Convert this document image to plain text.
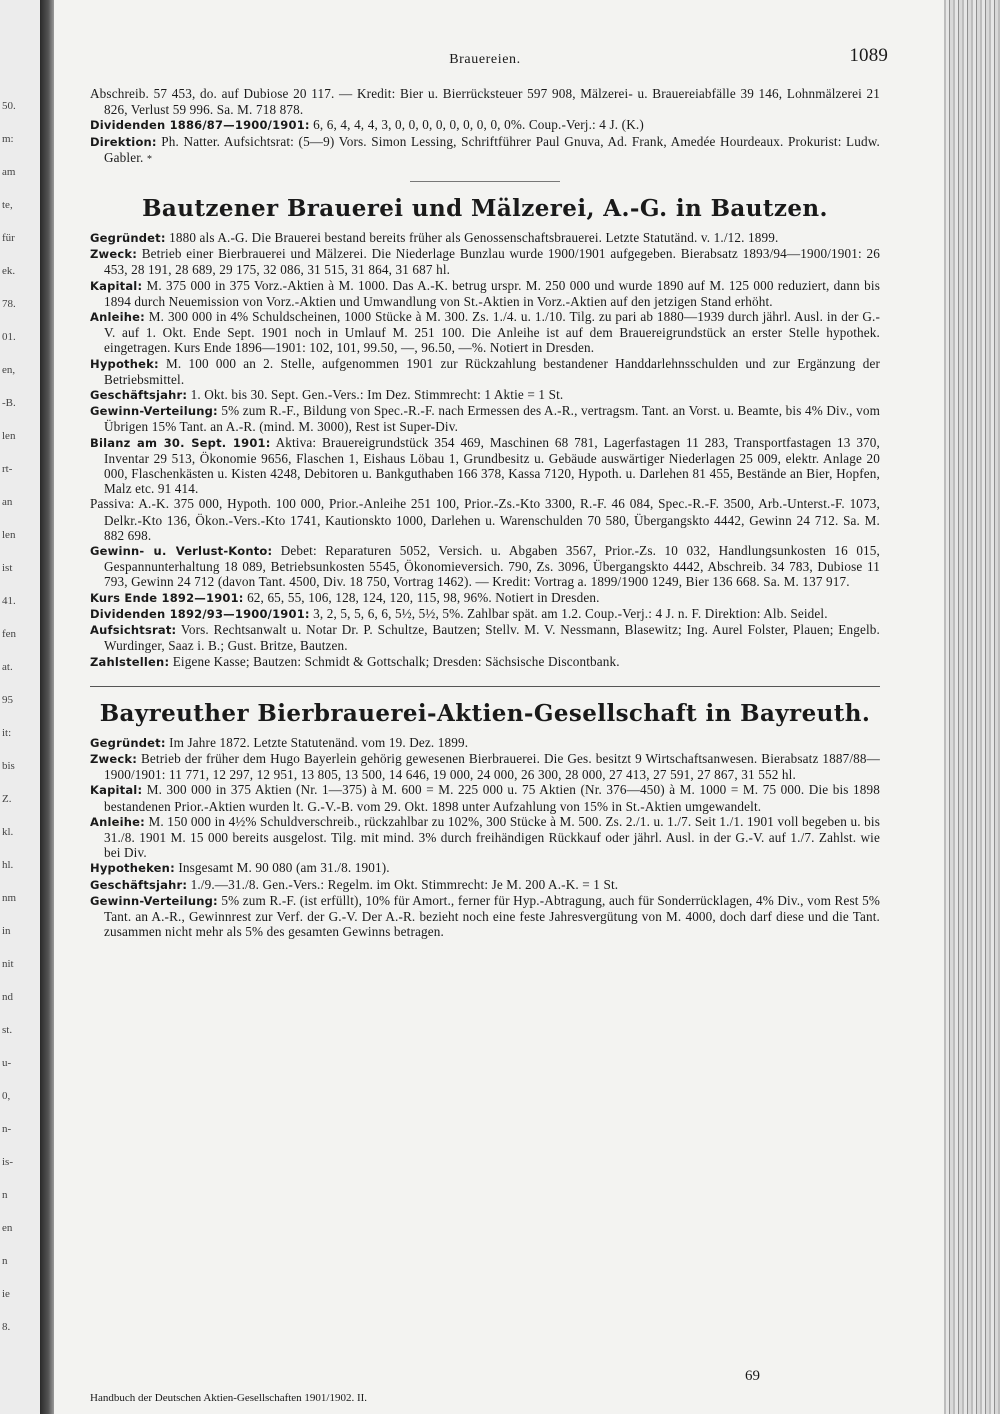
50.
m:
am
te,
für
ek.
78.
01.
en,
-B.
len
rt-
an
len
ist
41.
fen
at.
95
it:
bis
Z.
kl.
hl.
nm
in
nit
nd
st.
u-
0,
n-
is-
n
en
n
ie
8.
Brauereien.	1089

Abschreib. 57 453, do. auf Dubiose 20 117. — Kredit: Bier u. Bierrücksteuer 597 908, Mälzerei- u. Brauereiabfälle 39 146, Lohnmälzerei 21 826, Verlust 59 996. Sa. M. 718 878.

Dividenden 1886/87—1900/1901: 6, 6, 4, 4, 4, 3, 0, 0, 0, 0, 0, 0, 0, 0, 0%. Coup.-Verj.: 4 J. (K.)

Direktion: Ph. Natter. Aufsichtsrat: (5—9) Vors. Simon Lessing, Schriftführer Paul Gnuva, Ad. Frank, Amedée Hourdeaux. Prokurist: Ludw. Gabler. *

Bautzener Brauerei und Mälzerei, A.-G. in Bautzen.

Gegründet: 1880 als A.-G. Die Brauerei bestand bereits früher als Genossenschaftsbrauerei. Letzte Statutänd. v. 1./12. 1899.

Zweck: Betrieb einer Bierbrauerei und Mälzerei. Die Niederlage Bunzlau wurde 1900/1901 aufgegeben. Bierabsatz 1893/94—1900/1901: 26 453, 28 191, 28 689, 29 175, 32 086, 31 515, 31 864, 31 687 hl.

Kapital: M. 375 000 in 375 Vorz.-Aktien à M. 1000. Das A.-K. betrug urspr. M. 250 000 und wurde 1890 auf M. 125 000 reduziert, dann bis 1894 durch Neuemission von Vorz.-Aktien und Umwandlung von St.-Aktien in Vorz.-Aktien auf den jetzigen Stand erhöht.

Anleihe: M. 300 000 in 4% Schuldscheinen, 1000 Stücke à M. 300. Zs. 1./4. u. 1./10. Tilg. zu pari ab 1880—1939 durch jährl. Ausl. in der G.-V. auf 1. Okt. Ende Sept. 1901 noch in Umlauf M. 251 100. Die Anleihe ist auf dem Brauereigrundstück an erster Stelle hypothek. eingetragen. Kurs Ende 1896—1901: 102, 101, 99.50, —, 96.50, —%. Notiert in Dresden.

Hypothek: M. 100 000 an 2. Stelle, aufgenommen 1901 zur Rückzahlung bestandener Handdarlehnsschulden und zur Ergänzung der Betriebsmittel.

Geschäftsjahr: 1. Okt. bis 30. Sept. Gen.-Vers.: Im Dez. Stimmrecht: 1 Aktie = 1 St.

Gewinn-Verteilung: 5% zum R.-F., Bildung von Spec.-R.-F. nach Ermessen des A.-R., vertragsm. Tant. an Vorst. u. Beamte, bis 4% Div., vom Übrigen 15% Tant. an A.-R. (mind. M. 3000), Rest ist Super-Div.

Bilanz am 30. Sept. 1901: Aktiva: Brauereigrundstück 354 469, Maschinen 68 781, Lagerfastagen 11 283, Transportfastagen 13 370, Inventar 29 513, Ökonomie 9656, Flaschen 1, Eishaus Löbau 1, Grundbesitz u. Gebäude auswärtiger Niederlagen 25 009, elektr. Anlage 20 000, Flaschenkästen u. Kisten 4248, Debitoren u. Bankguthaben 166 378, Kassa 7120, Hypoth. u. Darlehen 81 455, Bestände an Bier, Hopfen, Malz etc. 91 414.

Passiva: A.-K. 375 000, Hypoth. 100 000, Prior.-Anleihe 251 100, Prior.-Zs.-Kto 3300, R.-F. 46 084, Spec.-R.-F. 3500, Arb.-Unterst.-F. 1073, Delkr.-Kto 136, Ökon.-Vers.-Kto 1741, Kautionskto 1000, Darlehen u. Warenschulden 70 580, Übergangskto 4442, Gewinn 24 712. Sa. M. 882 698.

Gewinn- u. Verlust-Konto: Debet: Reparaturen 5052, Versich. u. Abgaben 3567, Prior.-Zs. 10 032, Handlungsunkosten 16 015, Gespannunterhaltung 18 089, Betriebsunkosten 5545, Ökonomieversich. 790, Zs. 3096, Übergangskto 4442, Abschreib. 34 783, Dubiose 11 793, Gewinn 24 712 (davon Tant. 4500, Div. 18 750, Vortrag 1462). — Kredit: Vortrag a. 1899/1900 1249, Bier 136 668. Sa. M. 137 917.

Kurs Ende 1892—1901: 62, 65, 55, 106, 128, 124, 120, 115, 98, 96%. Notiert in Dresden.

Dividenden 1892/93—1900/1901: 3, 2, 5, 5, 6, 6, 5½, 5½, 5%. Zahlbar spät. am 1.2. Coup.-Verj.: 4 J. n. F. Direktion: Alb. Seidel.

Aufsichtsrat: Vors. Rechtsanwalt u. Notar Dr. P. Schultze, Bautzen; Stellv. M. V. Nessmann, Blasewitz; Ing. Aurel Folster, Plauen; Engelb. Wurdinger, Saaz i. B.; Gust. Britze, Bautzen.

Zahlstellen: Eigene Kasse; Bautzen: Schmidt & Gottschalk; Dresden: Sächsische Discontbank.

Bayreuther Bierbrauerei-Aktien-Gesellschaft in Bayreuth.

Gegründet: Im Jahre 1872. Letzte Statutenänd. vom 19. Dez. 1899.

Zweck: Betrieb der früher dem Hugo Bayerlein gehörig gewesenen Bierbrauerei. Die Ges. besitzt 9 Wirtschaftsanwesen. Bierabsatz 1887/88—1900/1901: 11 771, 12 297, 12 951, 13 805, 13 500, 14 646, 19 000, 24 000, 26 300, 28 000, 27 413, 27 591, 27 867, 31 552 hl.

Kapital: M. 300 000 in 375 Aktien (Nr. 1—375) à M. 600 = M. 225 000 u. 75 Aktien (Nr. 376—450) à M. 1000 = M. 75 000. Die bis 1898 bestandenen Prior.-Aktien wurden lt. G.-V.-B. vom 29. Okt. 1898 unter Aufzahlung von 15% in St.-Aktien umgewandelt.

Anleihe: M. 150 000 in 4½% Schuldverschreib., rückzahlbar zu 102%, 300 Stücke à M. 500. Zs. 2./1. u. 1./7. Seit 1./1. 1901 voll begeben u. bis 31./8. 1901 M. 15 000 bereits ausgelost. Tilg. mit mind. 3% durch freihändigen Rückkauf oder jährl. Ausl. in der G.-V. auf 1./7. Zahlst. wie bei Div.

Hypotheken: Insgesamt M. 90 080 (am 31./8. 1901).

Geschäftsjahr: 1./9.—31./8. Gen.-Vers.: Regelm. im Okt. Stimmrecht: Je M. 200 A.-K. = 1 St.

Gewinn-Verteilung: 5% zum R.-F. (ist erfüllt), 10% für Amort., ferner für Hyp.-Abtragung, auch für Sonderrücklagen, 4% Div., vom Rest 5% Tant. an A.-R., Gewinnrest zur Verf. der G.-V. Der A.-R. bezieht noch eine feste Jahresvergütung von M. 4000, doch darf diese und die Tant. zusammen nicht mehr als 5% des gesamten Gewinns betragen.

Handbuch der Deutschen Aktien-Gesellschaften 1901/1902. II.
69
